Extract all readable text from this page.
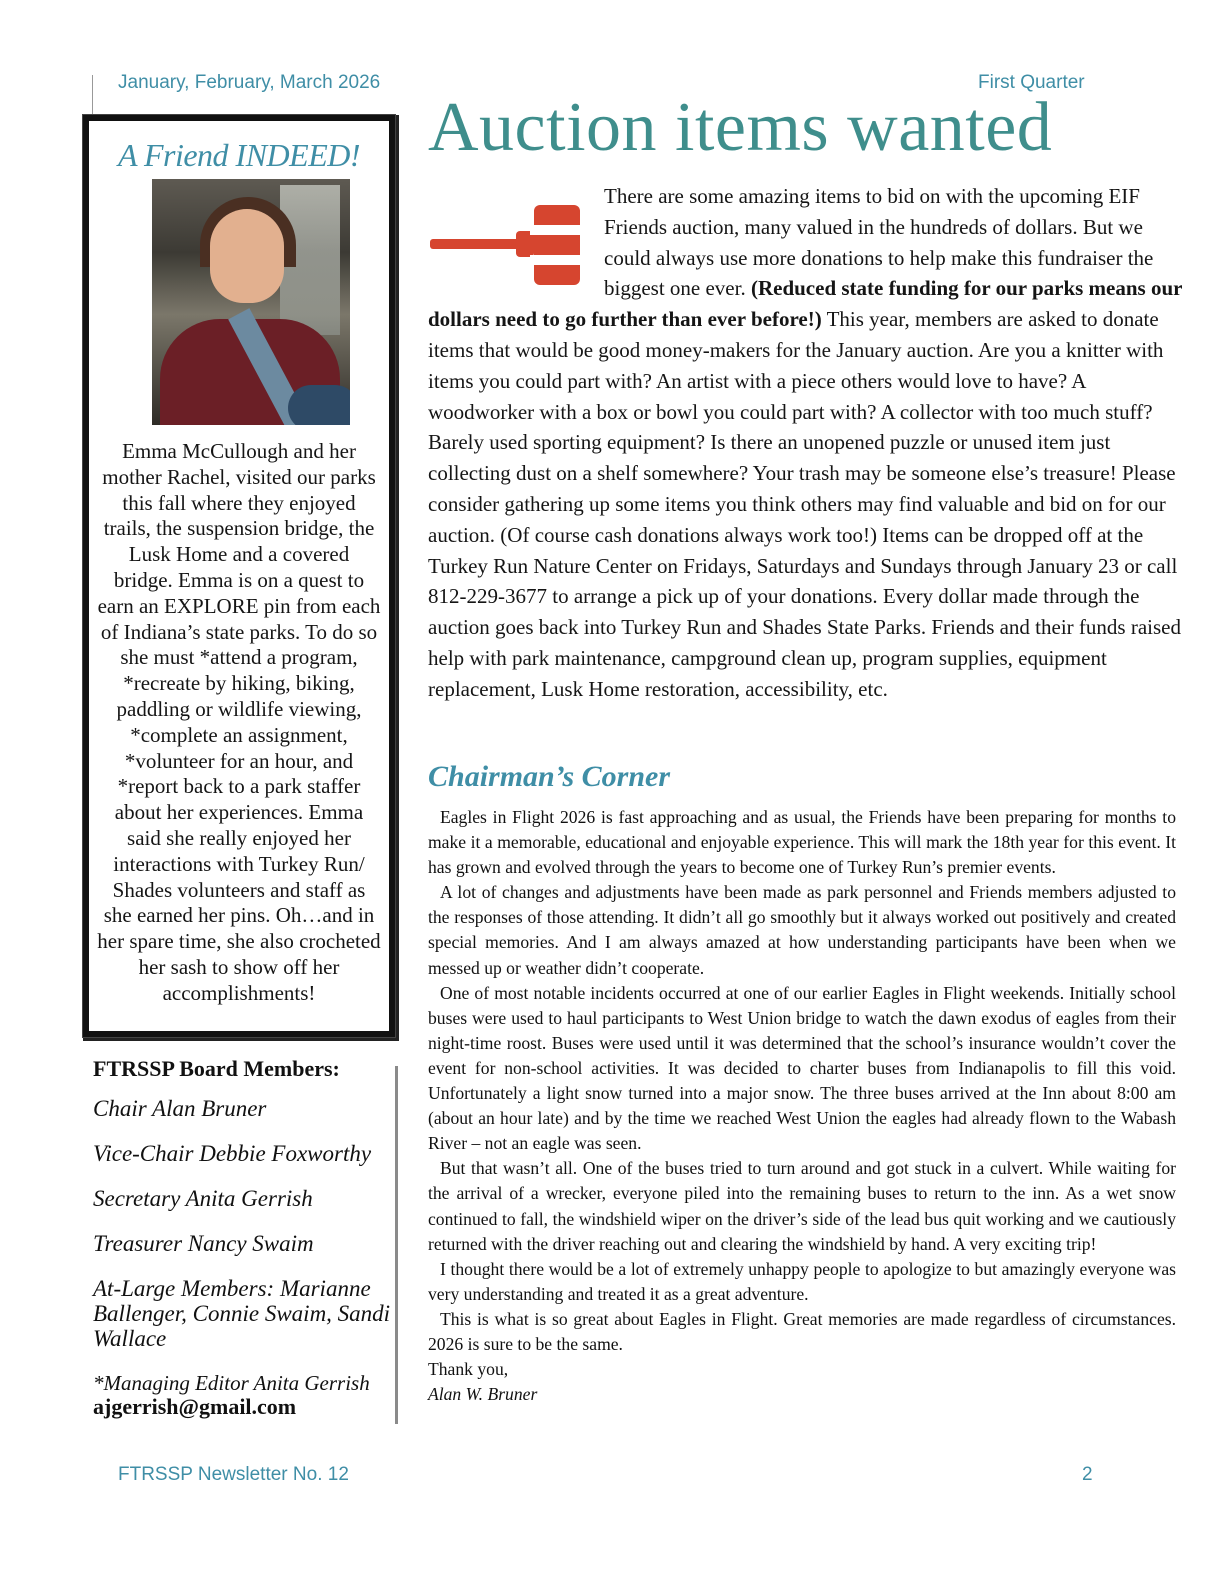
January, February, March 2026	First Quarter
A Friend INDEED!
Emma McCullough and her mother Rachel, visited our parks this fall where they enjoyed trails, the suspension bridge, the Lusk Home and a covered bridge. Emma is on a quest to earn an EXPLORE pin from each of Indiana’s state parks. To do so she must *attend a program, *recreate by hiking, biking, paddling or wildlife viewing, *complete an assignment, *volunteer for an hour, and *report back to a park staffer about her experiences. Emma said she really enjoyed her interactions with Turkey Run/ Shades volunteers and staff as she earned her pins. Oh…and in her spare time, she also crocheted her sash to show off her accomplishments!
FTRSSP Board Members:
Chair Alan Bruner
Vice-Chair Debbie Foxworthy
Secretary Anita Gerrish
Treasurer Nancy Swaim
At-Large Members: Marianne Ballenger, Connie Swaim, Sandi Wallace
*Managing Editor Anita Gerrish
ajgerrish@gmail.com
Auction items wanted
There are some amazing items to bid on with the upcoming EIF Friends auction, many valued in the hundreds of dollars. But we could always use more donations to help make this fundraiser the biggest one ever. (Reduced state funding for our parks means our dollars need to go further than ever before!) This year, members are asked to donate items that would be good money-makers for the January auction. Are you a knitter with items you could part with? An artist with a piece others would love to have? A woodworker with a box or bowl you could part with? A collector with too much stuff? Barely used sporting equipment? Is there an unopened puzzle or unused item just collecting dust on a shelf somewhere? Your trash may be someone else’s treasure! Please consider gathering up some items you think others may find valuable and bid on for our auction. (Of course cash donations always work too!) Items can be dropped off at the Turkey Run Nature Center on Fridays, Saturdays and Sundays through January 23 or call 812-229-3677 to arrange a pick up of your donations. Every dollar made through the auction goes back into Turkey Run and Shades State Parks. Friends and their funds raised help with park maintenance, campground clean up, program supplies, equipment replacement, Lusk Home restoration, accessibility, etc.
Chairman’s Corner

Eagles in Flight 2026 is fast approaching and as usual, the Friends have been preparing for months to make it a memorable, educational and enjoyable experience. This will mark the 18th year for this event. It has grown and evolved through the years to become one of Turkey Run’s premier events.

A lot of changes and adjustments have been made as park personnel and Friends members adjusted to the responses of those attending. It didn’t all go smoothly but it always worked out positively and created special memories. And I am always amazed at how understanding participants have been when we messed up or weather didn’t cooperate.

One of most notable incidents occurred at one of our earlier Eagles in Flight weekends. Initially school buses were used to haul participants to West Union bridge to watch the dawn exodus of eagles from their night-time roost. Buses were used until it was determined that the school’s insurance wouldn’t cover the event for non-school activities. It was decided to charter buses from Indianapolis to fill this void. Unfortunately a light snow turned into a major snow. The three buses arrived at the Inn about 8:00 am (about an hour late) and by the time we reached West Union the eagles had already flown to the Wabash River – not an eagle was seen.

But that wasn’t all. One of the buses tried to turn around and got stuck in a culvert. While waiting for the arrival of a wrecker, everyone piled into the remaining buses to return to the inn. As a wet snow continued to fall, the windshield wiper on the driver’s side of the lead bus quit working and we cautiously returned with the driver reaching out and clearing the windshield by hand. A very exciting trip!

I thought there would be a lot of extremely unhappy people to apologize to but amazingly everyone was very understanding and treated it as a great adventure.

This is what is so great about Eagles in Flight. Great memories are made regardless of circumstances. 2026 is sure to be the same.

Thank you,

Alan W. Bruner

FTRSSP Newsletter No. 12	2
